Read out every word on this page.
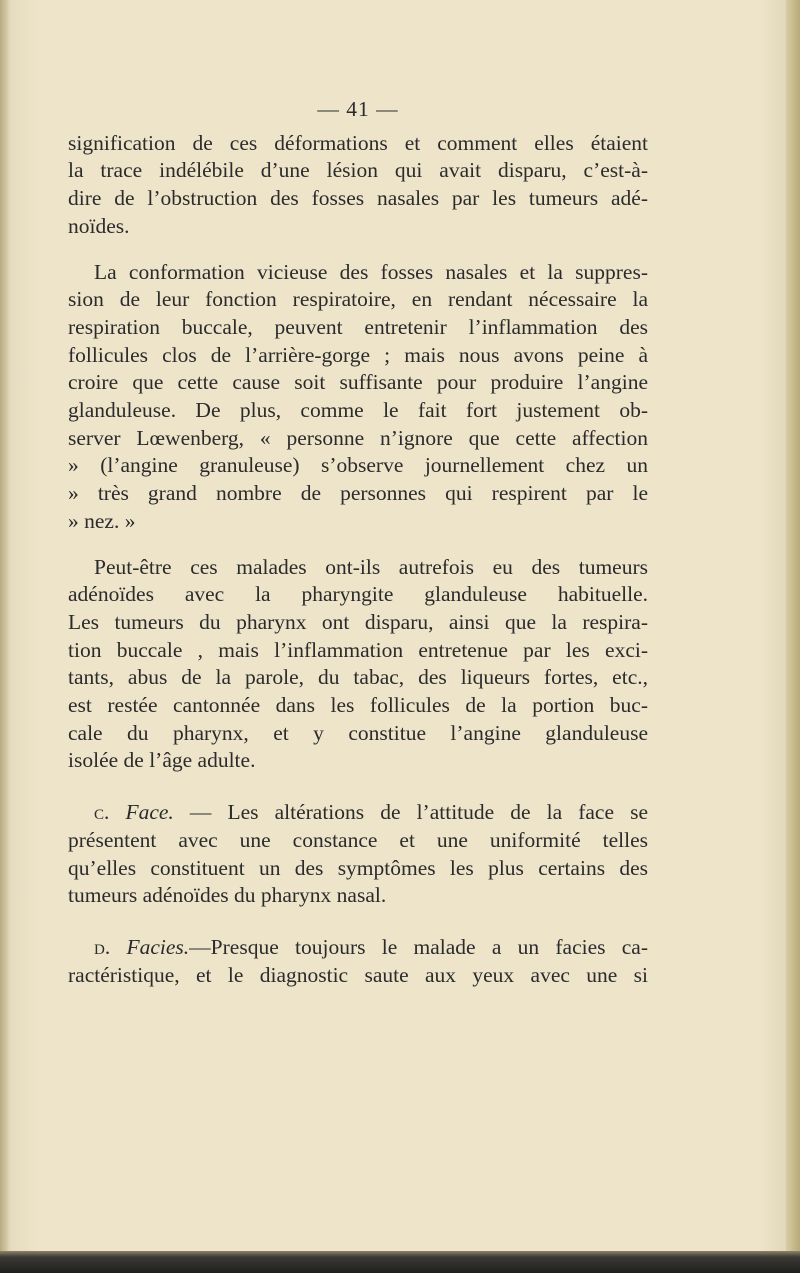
— 41 —

signification de ces déformations et comment elles étaient
la trace indélébile d’une lésion qui avait disparu, c’est-à-
dire de l’obstruction des fosses nasales par les tumeurs adé-
noïdes.

La conformation vicieuse des fosses nasales et la suppres-
sion de leur fonction respiratoire, en rendant nécessaire la
respiration buccale, peuvent entretenir l’inflammation des
follicules clos de l’arrière-gorge ; mais nous avons peine à
croire que cette cause soit suffisante pour produire l’angine
glanduleuse. De plus, comme le fait fort justement ob-
server Lœwenberg, « personne n’ignore que cette affection
» (l’angine granuleuse) s’observe journellement chez un
» très grand nombre de personnes qui respirent par le
» nez. »

Peut-être ces malades ont-ils autrefois eu des tumeurs
adénoïdes avec la pharyngite glanduleuse habituelle.
Les tumeurs du pharynx ont disparu, ainsi que la respira-
tion buccale , mais l’inflammation entretenue par les exci-
tants, abus de la parole, du tabac, des liqueurs fortes, etc.,
est restée cantonnée dans les follicules de la portion buc-
cale du pharynx, et y constitue l’angine glanduleuse
isolée de l’âge adulte.

c. Face. — Les altérations de l’attitude de la face se
présentent avec une constance et une uniformité telles
qu’elles constituent un des symptômes les plus certains des
tumeurs adénoïdes du pharynx nasal.

d. Facies.—Presque toujours le malade a un facies ca-
ractéristique, et le diagnostic saute aux yeux avec une si
